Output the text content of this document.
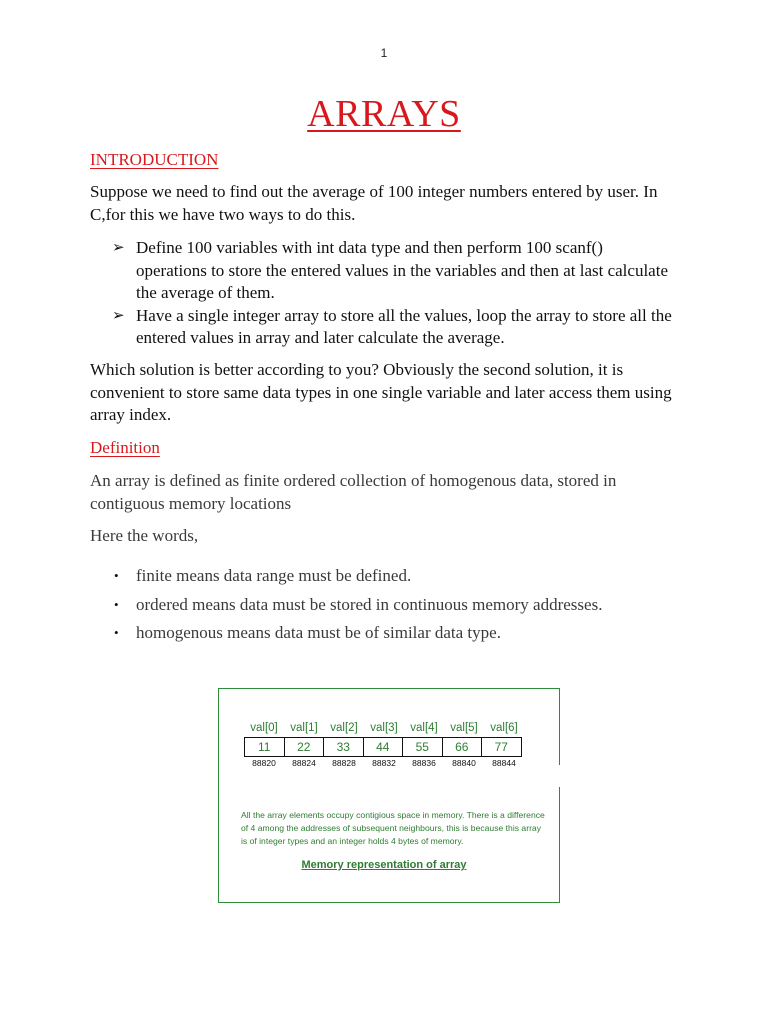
1
ARRAYS
INTRODUCTION
Suppose we need to find out the average of 100 integer numbers entered by user. In C,for this we have two ways to do this.
➢ Define 100 variables with int data type and then perform 100 scanf() operations to store the entered values in the variables and then at last calculate the average of them.
➢ Have a single integer array to store all the values, loop the array to store all the entered values in array and later calculate the average.
Which solution is better according to you? Obviously the second solution, it is convenient to store same data types in one single variable and later access them using array index.
Definition
An array is defined as finite ordered collection of homogenous data, stored in contiguous memory locations
Here the words,
• finite means data range must be defined.
• ordered means data must be stored in continuous memory addresses.
• homogenous means data must be of similar data type.
val[0]	val[1]	val[2]	val[3]	val[4]	val[5]	val[6]
11	22	33	44	55	66	77
88820	88824	88828	88832	88836	88840	88844
All the array elements occupy contigious space in memory. There is a difference of 4 among the addresses of subsequent neighbours, this is because this array is of integer types and an integer holds 4 bytes of memory.
Memory representation of array
